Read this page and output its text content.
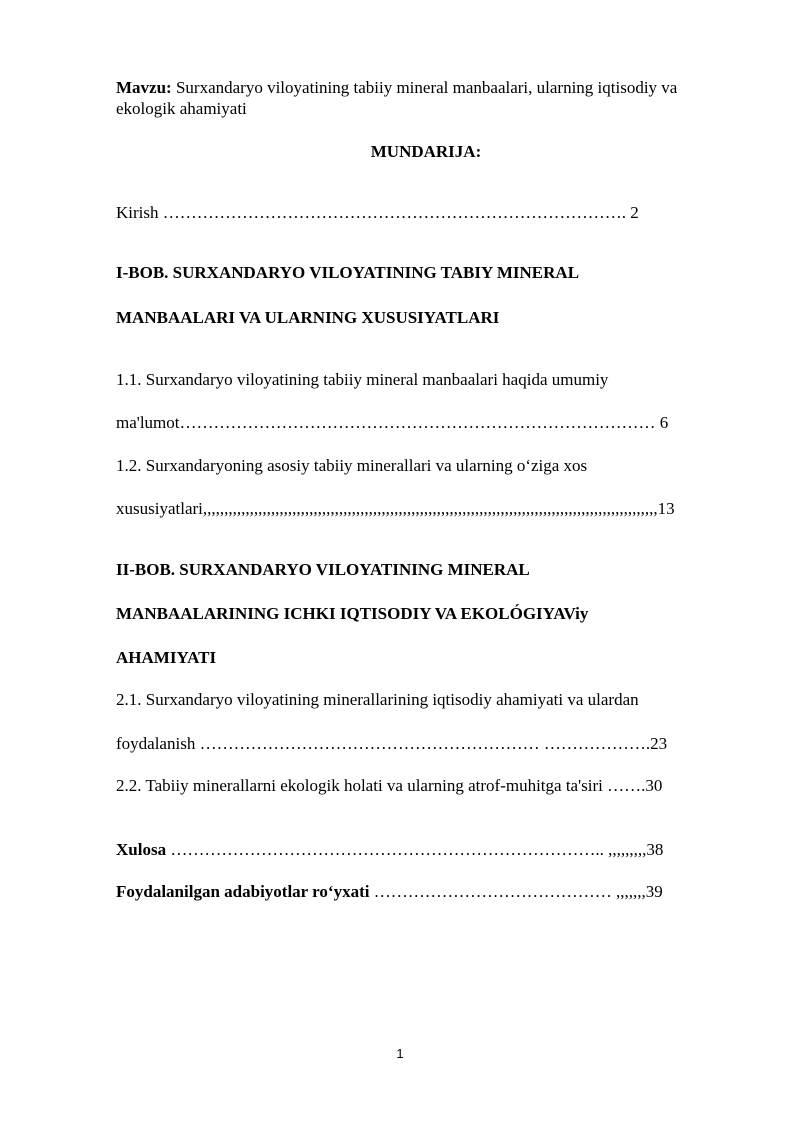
Mavzu: Surxandaryo viloyatining tabiiy mineral manbaalari, ularning iqtisodiy va
ekologik ahamiyati
MUNDARIJA:
Kirish ………………………………………………………………………. 2
I-BOB. SURXANDARYO VILOYATINING TABIY MINERAL
MANBAALARI VA ULARNING XUSUSIYATLARI
1.1. Surxandaryo viloyatining tabiiy mineral manbaalari haqida umumiy
ma'lumot………………………………………………………………………… 6
1.2. Surxandaryoning asosiy tabiiy minerallari va ularning o‘ziga xos
xususiyatlari,,,,,,,,,,,,,,,,,,,,,,,,,,,,,,,,,,,,,,,,,,,,,,,,,,,,,,,,,,,,,,,,,,,,,,,,,,,,,,,,,,,,,,,,,,,,,,,,,,,,,,,,,,,13
II-BOB. SURXANDARYO VILOYATINING MINERAL
MANBAALARINING ICHKI IQTISODIY VA EKOLÓGIYAViy
AHAMIYATI
2.1. Surxandaryo viloyatining minerallarining iqtisodiy ahamiyati va ulardan
foydalanish …………………………………………………… ……………….23
2.2. Tabiiy minerallarni ekologik holati va ularning atrof-muhitga ta'siri …….30
Xulosa ………………………………………………………………….. ,,,,,,,,,38
Foydalanilgan adabiyotlar ro‘yxati …………………………………… ,,,,,,,39
1
